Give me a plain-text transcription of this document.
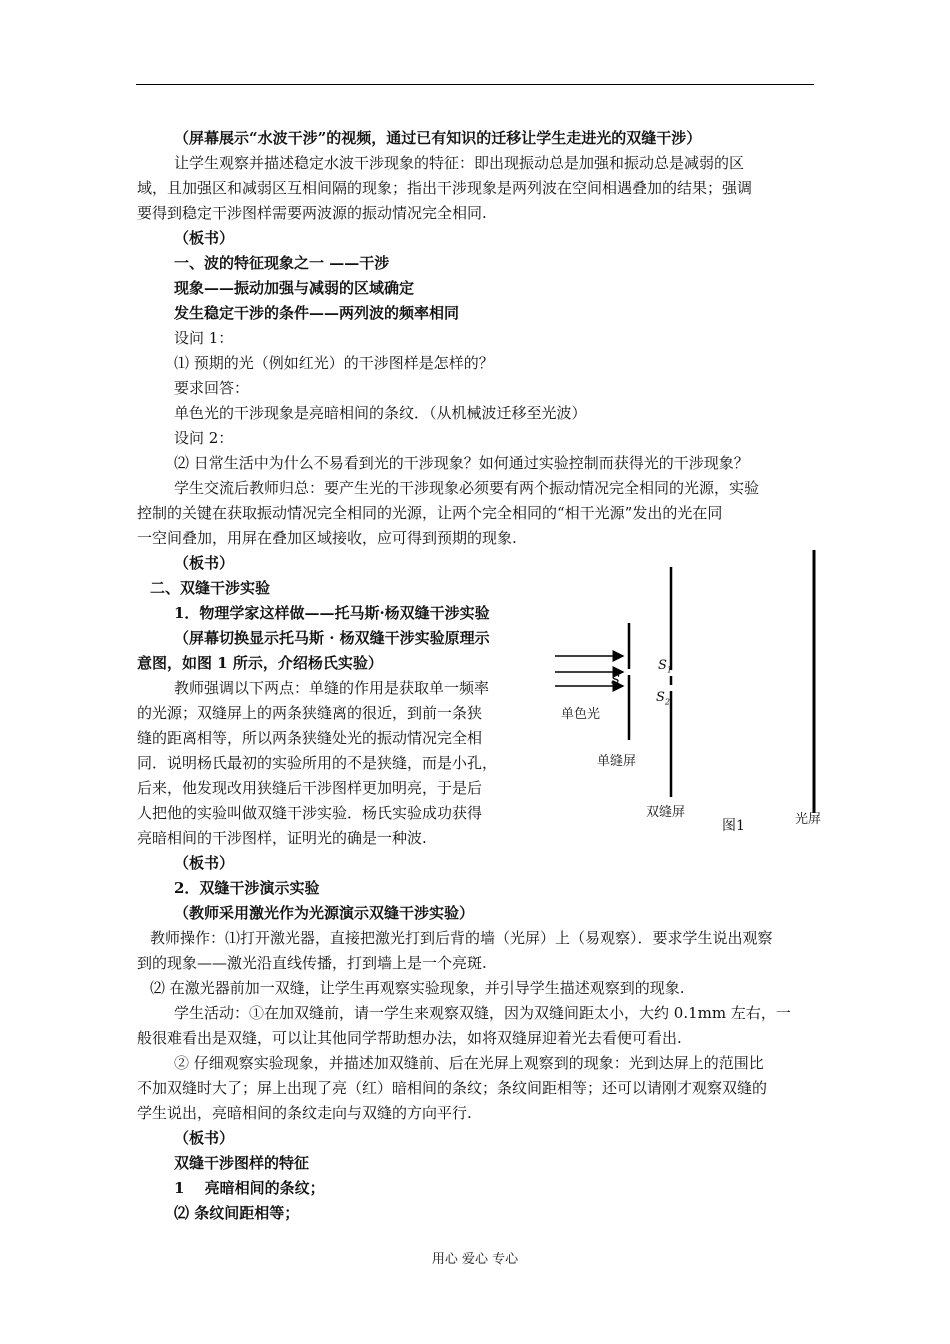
（屏幕展示“水波干涉”的视频，通过已有知识的迁移让学生走进光的双缝干涉）
让学生观察并描述稳定水波干涉现象的特征：即出现振动总是加强和振动总是减弱的区
域，且加强区和减弱区互相间隔的现象；指出干涉现象是两列波在空间相遇叠加的结果；强调
要得到稳定干涉图样需要两波源的振动情况完全相同.
（板书）
一、波的特征现象之一 ——干涉
现象——振动加强与减弱的区域确定
发生稳定干涉的条件——两列波的频率相同
设问 1：
⑴ 预期的光（例如红光）的干涉图样是怎样的？
要求回答：
单色光的干涉现象是亮暗相间的条纹．（从机械波迁移至光波）
设问 2：
⑵ 日常生活中为什么不易看到光的干涉现象？如何通过实验控制而获得光的干涉现象？
学生交流后教师归总：要产生光的干涉现象必须要有两个振动情况完全相同的光源，实验
控制的关键在获取振动情况完全相同的光源，让两个完全相同的“相干光源”发出的光在同
一空间叠加，用屏在叠加区域接收，应可得到预期的现象.
（板书）
二、双缝干涉实验
1．物理学家这样做——托马斯·杨双缝干涉实验
（屏幕切换显示托马斯 · 杨双缝干涉实验原理示
意图，如图 1 所示，介绍杨氏实验）
教师强调以下两点：单缝的作用是获取单一频率
的光源；双缝屏上的两条狭缝离的很近，到前一条狭
缝的距离相等，所以两条狭缝处光的振动情况完全相
同．说明杨氏最初的实验所用的不是狭缝，而是小孔，
后来，他发现改用狭缝后干涉图样更加明亮，于是后
人把他的实验叫做双缝干涉实验．杨氏实验成功获得
亮暗相间的干涉图样，证明光的确是一种波.
（板书）
2．双缝干涉演示实验
（教师采用激光作为光源演示双缝干涉实验）
教师操作：⑴打开激光器，直接把激光打到后背的墙（光屏）上（易观察）．要求学生说出观察
到的现象——激光沿直线传播，打到墙上是一个亮斑.
⑵ 在激光器前加一双缝，让学生再观察实验现象，并引导学生描述观察到的现象.
学生活动：①在加双缝前，请一学生来观察双缝，因为双缝间距太小，大约 0.1mm 左右，一
般很难看出是双缝，可以让其他同学帮助想办法，如将双缝屏迎着光去看便可看出.
② 仔细观察实验现象，并描述加双缝前、后在光屏上观察到的现象：光到达屏上的范围比
不加双缝时大了；屏上出现了亮（红）暗相间的条纹；条纹间距相等；还可以请刚才观察双缝的
学生说出，亮暗相间的条纹走向与双缝的方向平行.
（板书）
双缝干涉图样的特征
1 　亮暗相间的条纹；
⑵ 条纹间距相等；
S
$S_1$
$S_2$
单色光
单缝屏
双缝屏
图1	光屏
用心 爱心 专心
